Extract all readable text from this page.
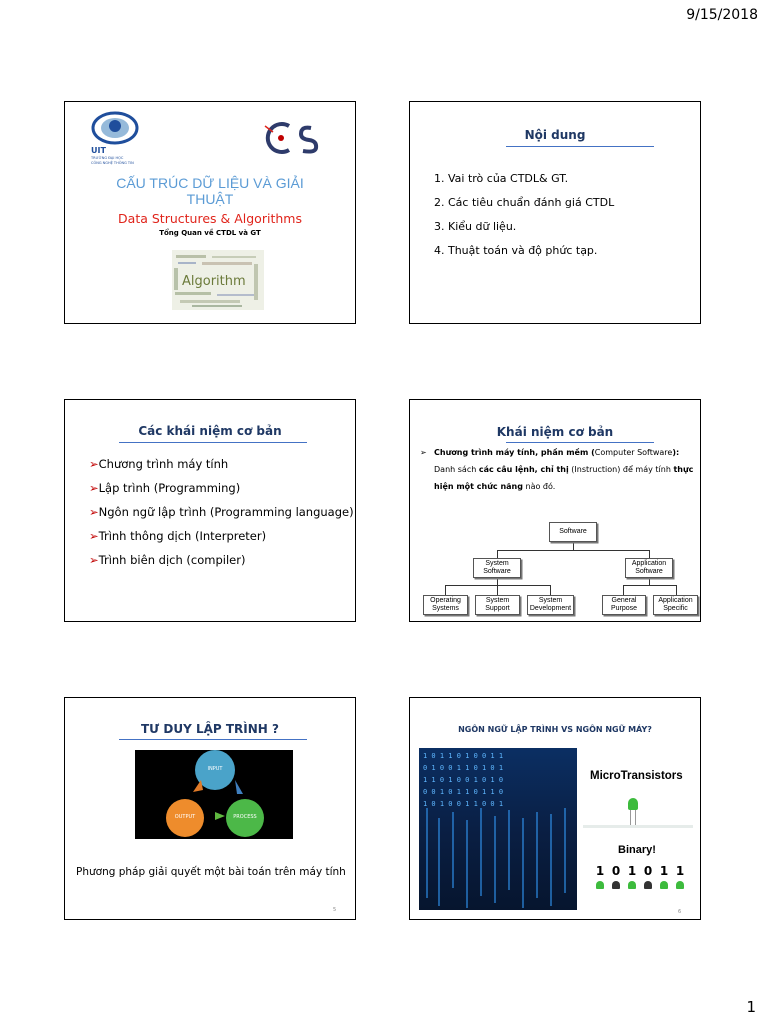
9/15/2018
UIT
TRƯỜNG ĐẠI HỌC
CÔNG NGHỆ THÔNG TIN
CẤU TRÚC DỮ LIỆU VÀ GIẢI
THUẬT
Data Structures & Algorithms
Tổng Quan về CTDL và GT
Algorithm
Nội dung
1. Vai trò của CTDL& GT.
2. Các tiêu chuẩn đánh giá CTDL
3. Kiểu dữ liệu.
4. Thuật toán và độ phức tạp.
Các khái niệm cơ bản
➢Chương trình máy tính
➢Lập trình (Programming)
➢Ngôn ngữ lập trình (Programming language)
➢Trình thông dịch (Interpreter)
➢Trình biên dịch (compiler)
Khái niệm cơ bản
➢ Chương trình máy tính, phần mềm (Computer Software): Danh sách các câu lệnh, chỉ thị (Instruction) để máy tính thực hiện một chức năng nào đó.
Software
System
Software
Application
Software
Operating
Systems
System
Support
System
Development
General
Purpose
Application
Specific
TƯ DUY LẬP TRÌNH ?
INPUT
PROCESS
OUTPUT
Phương pháp giải quyết một bài toán trên máy tính
5
NGÔN NGỮ LẬP TRÌNH VS NGÔN NGỮ MÁY?
1 0 1 1 0 1 0 0 1 1
0 1 0 0 1 1 0 1 0 1
1 1 0 1 0 0 1 0 1 0
0 0 1 0 1 1 0 1 1 0
1 0 1 0 0 1 1 0 0 1
MicroTransistors
Binary!
1 0 1 0 1 1
6
1
